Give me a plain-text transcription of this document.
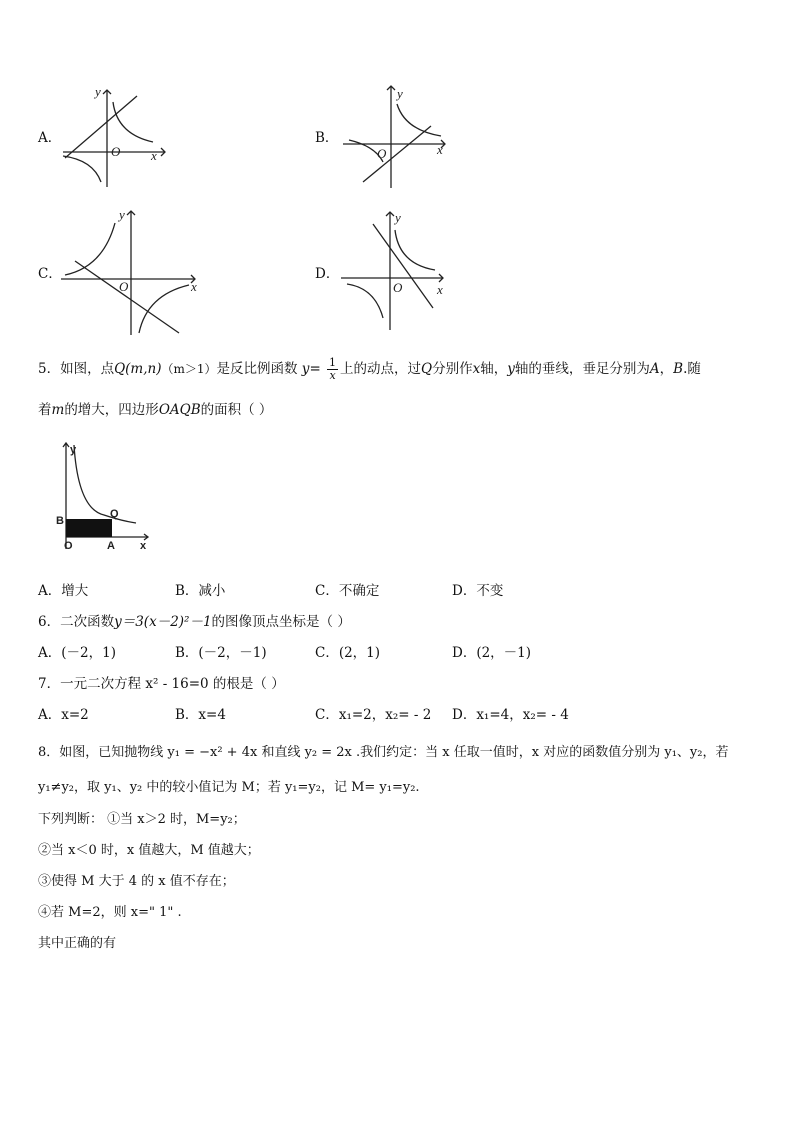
A．
y
x
O
B．
y
x
O
C．
y
x
O
D．
y
x
O
5．如图，点Q(m,n)（m＞1）是反比例函数 $y= \frac{1}{x}$ 上的动点，过Q分别作x轴，y轴的垂线，垂足分别为A，B.随
着m的增大，四边形OAQB的面积（ ）
y
x
O	A
B
Q
A．增大	B．减小	C．不确定	D．不变
6．二次函数y＝3(x－2)²－1的图像顶点坐标是（ ）
A．(－2，1)	B．(－2，－1)	C．(2，1)	D．(2，－1)
7．一元二次方程 x² - 16=0 的根是（ ）
A．x=2	B．x=4	C．x₁=2，x₂= - 2 D．x₁=4，x₂= - 4
8．如图，已知抛物线 y₁ = −x² + 4x 和直线 y₂ = 2x .我们约定：当 x 任取一值时，x 对应的函数值分别为 y₁、y₂，若
y₁≠y₂，取 y₁、y₂ 中的较小值记为 M；若 y₁=y₂，记 M= y₁=y₂.
下列判断： ①当 x＞2 时，M=y₂；
②当 x＜0 时，x 值越大，M 值越大；
③使得 M 大于 4 的 x 值不存在；
④若 M=2，则 x=" 1" .
其中正确的有
